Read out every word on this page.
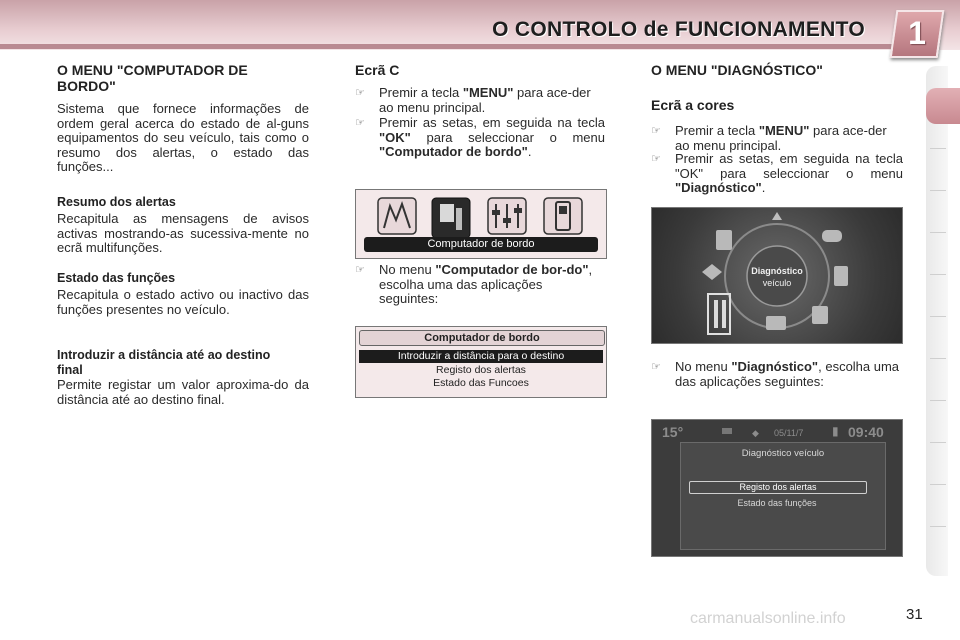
O CONTROLO de FUNCIONAMENTO	1

O MENU "COMPUTADOR DE BORDO"

Sistema que fornece informações de ordem geral acerca do estado de al-guns equipamentos do seu veículo, tais como o resumo dos alertas, o estado das funções...

Resumo dos alertas

Recapitula as mensagens de avisos activas mostrando-as sucessiva-mente no ecrã multifunções.

Estado das funções

Recapitula o estado activo ou inactivo das funções presentes no veículo.

Introduzir a distância até ao destino final

Permite registar um valor aproxima-do da distância até ao destino final.

Ecrã C

☞ Premir a tecla "MENU" para ace-der ao menu principal.
☞ Premir as setas, em seguida na tecla "OK" para seleccionar o menu "Computador de bordo".
Computador de bordo
☞ No menu "Computador de bor-do", escolha uma das aplicações seguintes:
Computador de bordo
Introduzir a distância para o destino
Registo dos alertas
Estado das Funcoes

O MENU "DIAGNÓSTICO"

Ecrã a cores

☞ Premir a tecla "MENU" para ace-der ao menu principal.
☞ Premir as setas, em seguida na tecla "OK" para seleccionar o menu "Diagnóstico".
Diagnóstico
veículo
☞ No menu "Diagnóstico", escolha uma das aplicações seguintes:
15°	◆ 05/11/7 ▮ 09:40
Diagnóstico veículo
Registo dos alertas
Estado das funções
31
carmanualsonline.info
